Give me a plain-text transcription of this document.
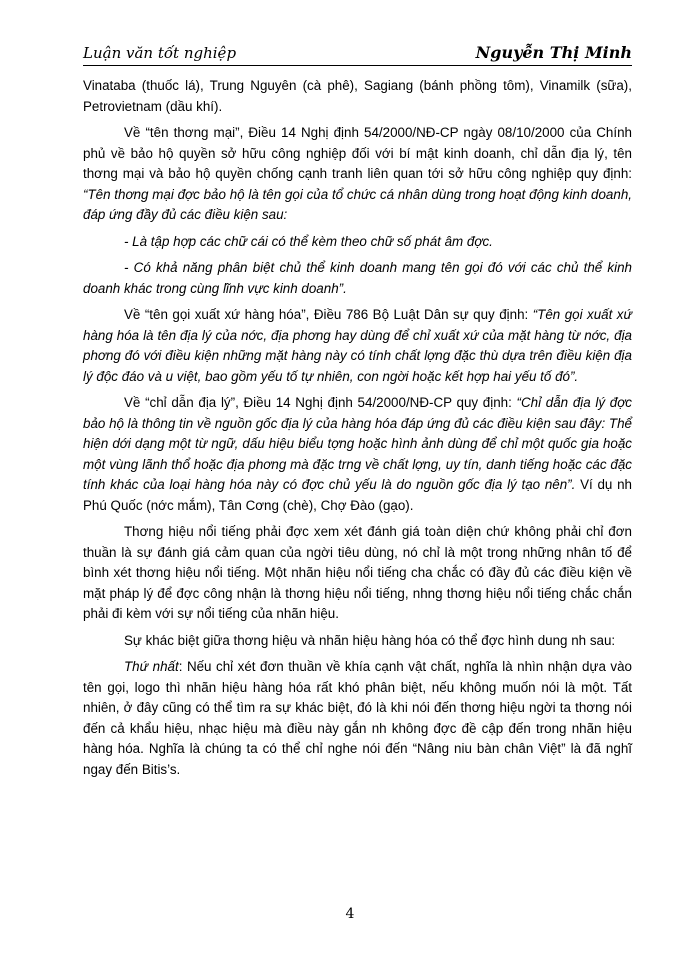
Luận văn tốt nghiệp	Nguyễn Thị Minh

Vinataba (thuốc lá), Trung Nguyên (cà phê), Sagiang (bánh phồng tôm), Vinamilk (sữa), Petrovietnam (dầu khí).

Về “tên thơng mại”, Điều 14 Nghị định 54/2000/NĐ-CP ngày 08/10/2000 của Chính phủ về bảo hộ quyền sở hữu công nghiệp đối với bí mật kinh doanh, chỉ dẫn địa lý, tên thơng mại và bảo hộ quyền chống cạnh tranh liên quan tới sở hữu công nghiệp quy định: “Tên thơng mại đợc bảo hộ là tên gọi của tổ chức cá nhân dùng trong hoạt động kinh doanh, đáp ứng đầy đủ các điều kiện sau:

- Là tập hợp các chữ cái có thể kèm theo chữ số phát âm đợc.

- Có khả năng phân biệt chủ thể kinh doanh mang tên gọi đó với các chủ thể kinh doanh khác trong cùng lĩnh vực kinh doanh”.

Về “tên gọi xuất xứ hàng hóa”, Điều 786 Bộ Luật Dân sự quy định: “Tên gọi xuất xứ hàng hóa là tên địa lý của nớc, địa phơng hay dùng để chỉ xuất xứ của mặt hàng từ nớc, địa phơng đó với điều kiện những mặt hàng này có tính chất lợng đặc thù dựa trên điều kiện địa lý độc đáo và u việt, bao gồm yếu tố tự nhiên, con ngời hoặc kết hợp hai yếu tố đó”.

Về “chỉ dẫn địa lý”, Điều 14 Nghị định 54/2000/NĐ-CP quy định: “Chỉ dẫn địa lý đợc bảo hộ là thông tin về nguồn gốc địa lý của hàng hóa đáp ứng đủ các điều kiện sau đây: Thể hiện dới dạng một từ ngữ, dấu hiệu biểu tợng hoặc hình ảnh dùng để chỉ một quốc gia hoặc một vùng lãnh thổ hoặc địa phơng mà đặc trng về chất lợng, uy tín, danh tiếng hoặc các đặc tính khác của loại hàng hóa này có đợc chủ yếu là do nguồn gốc địa lý tạo nên”. Ví dụ nh Phú Quốc (nớc mắm), Tân Cơng (chè), Chợ Đào (gạo).

Thơng hiệu nổi tiếng phải đợc xem xét đánh giá toàn diện chứ không phải chỉ đơn thuần là sự đánh giá cảm quan của ngời tiêu dùng, nó chỉ là một trong những nhân tố để bình xét thơng hiệu nổi tiếng. Một nhãn hiệu nổi tiếng cha chắc có đầy đủ các điều kiện về mặt pháp lý để đợc công nhận là thơng hiệu nổi tiếng, nhng thơng hiệu nổi tiếng chắc chắn phải đi kèm với sự nổi tiếng của nhãn hiệu.

Sự khác biệt giữa thơng hiệu và nhãn hiệu hàng hóa có thể đợc hình dung nh sau:

Thứ nhất: Nếu chỉ xét đơn thuần về khía cạnh vật chất, nghĩa là nhìn nhận dựa vào tên gọi, logo thì nhãn hiệu hàng hóa rất khó phân biệt, nếu không muốn nói là một. Tất nhiên, ở đây cũng có thể tìm ra sự khác biệt, đó là khi nói đến thơng hiệu ngời ta thơng nói đến cả khẩu hiệu, nhạc hiệu mà điều này gắn nh không đợc đề cập đến trong nhãn hiệu hàng hóa. Nghĩa là chúng ta có thể chỉ nghe nói đến “Nâng niu bàn chân Việt” là đã nghĩ ngay đến Bitis’s.

4
